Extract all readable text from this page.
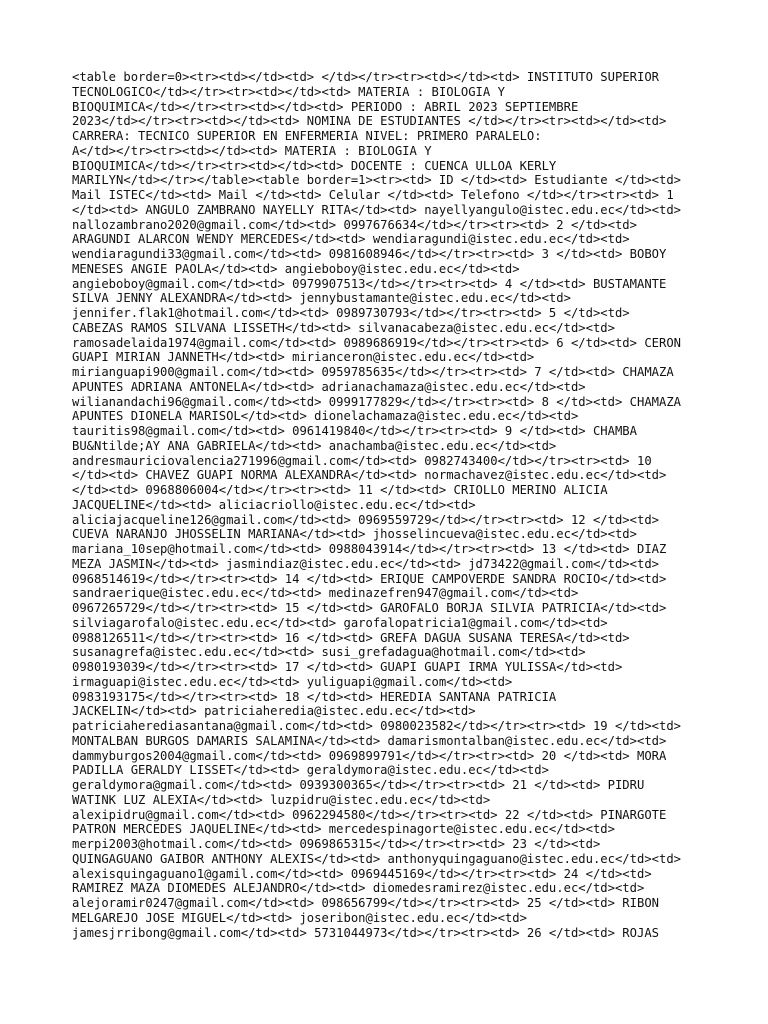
<table border=0><tr><td></td><td> </td></tr><tr><td></td><td> INSTITUTO SUPERIOR
TECNOLOGICO</td></tr><tr><td></td><td> MATERIA : BIOLOGIA Y
BIOQUIMICA</td></tr><tr><td></td><td> PERIODO : ABRIL 2023 SEPTIEMBRE
2023</td></tr><tr><td></td><td> NOMINA DE ESTUDIANTES </td></tr><tr><td></td><td>
CARRERA: TECNICO SUPERIOR EN ENFERMERIA NIVEL: PRIMERO PARALELO:
A</td></tr><tr><td></td><td> MATERIA : BIOLOGIA Y
BIOQUIMICA</td></tr><tr><td></td><td> DOCENTE : CUENCA ULLOA KERLY
MARILYN</td></tr></table><table border=1><tr><td> ID </td><td> Estudiante </td><td>
Mail ISTEC</td><td> Mail </td><td> Celular </td><td> Telefono </td></tr><tr><td> 1
</td><td> ANGULO ZAMBRANO NAYELLY RITA</td><td> nayellyangulo@istec.edu.ec</td><td>
nallozambrano2020@gmail.com</td><td> 0997676634</td></tr><tr><td> 2 </td><td>
ARAGUNDI ALARCON WENDY MERCEDES</td><td> wendiaragundi@istec.edu.ec</td><td>
wendiaragundi33@gmail.com</td><td> 0981608946</td></tr><tr><td> 3 </td><td> BOBOY
MENESES ANGIE PAOLA</td><td> angieboboy@istec.edu.ec</td><td>
angieboboy@gmail.com</td><td> 0979907513</td></tr><tr><td> 4 </td><td> BUSTAMANTE
SILVA JENNY ALEXANDRA</td><td> jennybustamante@istec.edu.ec</td><td>
jennifer.flak1@hotmail.com</td><td> 0989730793</td></tr><tr><td> 5 </td><td>
CABEZAS RAMOS SILVANA LISSETH</td><td> silvanacabeza@istec.edu.ec</td><td>
ramosadelaida1974@gmail.com</td><td> 0989686919</td></tr><tr><td> 6 </td><td> CERON
GUAPI MIRIAN JANNETH</td><td> mirianceron@istec.edu.ec</td><td>
mirianguapi900@gmail.com</td><td> 0959785635</td></tr><tr><td> 7 </td><td> CHAMAZA
APUNTES ADRIANA ANTONELA</td><td> adrianachamaza@istec.edu.ec</td><td>
wilianandachi96@gmail.com</td><td> 0999177829</td></tr><tr><td> 8 </td><td> CHAMAZA
APUNTES DIONELA MARISOL</td><td> dionelachamaza@istec.edu.ec</td><td>
tauritis98@gmail.com</td><td> 0961419840</td></tr><tr><td> 9 </td><td> CHAMBA
BU&Ntilde;AY ANA GABRIELA</td><td> anachamba@istec.edu.ec</td><td>
andresmauriciovalencia271996@gmail.com</td><td> 0982743400</td></tr><tr><td> 10
</td><td> CHAVEZ GUAPI NORMA ALEXANDRA</td><td> normachavez@istec.edu.ec</td><td>
</td><td> 0968806004</td></tr><tr><td> 11 </td><td> CRIOLLO MERINO ALICIA
JACQUELINE</td><td> aliciacriollo@istec.edu.ec</td><td>
aliciajacqueline126@gmail.com</td><td> 0969559729</td></tr><tr><td> 12 </td><td>
CUEVA NARANJO JHOSSELIN MARIANA</td><td> jhosselincueva@istec.edu.ec</td><td>
mariana_10sep@hotmail.com</td><td> 0988043914</td></tr><tr><td> 13 </td><td> DIAZ
MEZA JASMIN</td><td> jasmindiaz@istec.edu.ec</td><td> jd73422@gmail.com</td><td>
0968514619</td></tr><tr><td> 14 </td><td> ERIQUE CAMPOVERDE SANDRA ROCIO</td><td>
sandraerique@istec.edu.ec</td><td> medinazefren947@gmail.com</td><td>
0967265729</td></tr><tr><td> 15 </td><td> GAROFALO BORJA SILVIA PATRICIA</td><td>
silviagarofalo@istec.edu.ec</td><td> garofalopatricia1@gmail.com</td><td>
0988126511</td></tr><tr><td> 16 </td><td> GREFA DAGUA SUSANA TERESA</td><td>
susanagrefa@istec.edu.ec</td><td> susi_grefadagua@hotmail.com</td><td>
0980193039</td></tr><tr><td> 17 </td><td> GUAPI GUAPI IRMA YULISSA</td><td>
irmaguapi@istec.edu.ec</td><td> yuliguapi@gmail.com</td><td>
0983193175</td></tr><tr><td> 18 </td><td> HEREDIA SANTANA PATRICIA
JACKELIN</td><td> patriciaheredia@istec.edu.ec</td><td>
patriciaherediasantana@gmail.com</td><td> 0980023582</td></tr><tr><td> 19 </td><td>
MONTALBAN BURGOS DAMARIS SALAMINA</td><td> damarismontalban@istec.edu.ec</td><td>
dammyburgos2004@gmail.com</td><td> 0969899791</td></tr><tr><td> 20 </td><td> MORA
PADILLA GERALDY LISSET</td><td> geraldymora@istec.edu.ec</td><td>
geraldymora@gmail.com</td><td> 0939300365</td></tr><tr><td> 21 </td><td> PIDRU
WATINK LUZ ALEXIA</td><td> luzpidru@istec.edu.ec</td><td>
alexipidru@gmail.com</td><td> 0962294580</td></tr><tr><td> 22 </td><td> PINARGOTE
PATRON MERCEDES JAQUELINE</td><td> mercedespinagorte@istec.edu.ec</td><td>
merpi2003@hotmail.com</td><td> 0969865315</td></tr><tr><td> 23 </td><td>
QUINGAGUANO GAIBOR ANTHONY ALEXIS</td><td> anthonyquingaguano@istec.edu.ec</td><td>
alexisquingaguano1@gamil.com</td><td> 0969445169</td></tr><tr><td> 24 </td><td>
RAMIREZ MAZA DIOMEDES ALEJANDRO</td><td> diomedesramirez@istec.edu.ec</td><td>
alejoramir0247@gmail.com</td><td> 098656799</td></tr><tr><td> 25 </td><td> RIBON
MELGAREJO JOSE MIGUEL</td><td> joseribon@istec.edu.ec</td><td>
jamesjrribong@gmail.com</td><td> 5731044973</td></tr><tr><td> 26 </td><td> ROJAS
